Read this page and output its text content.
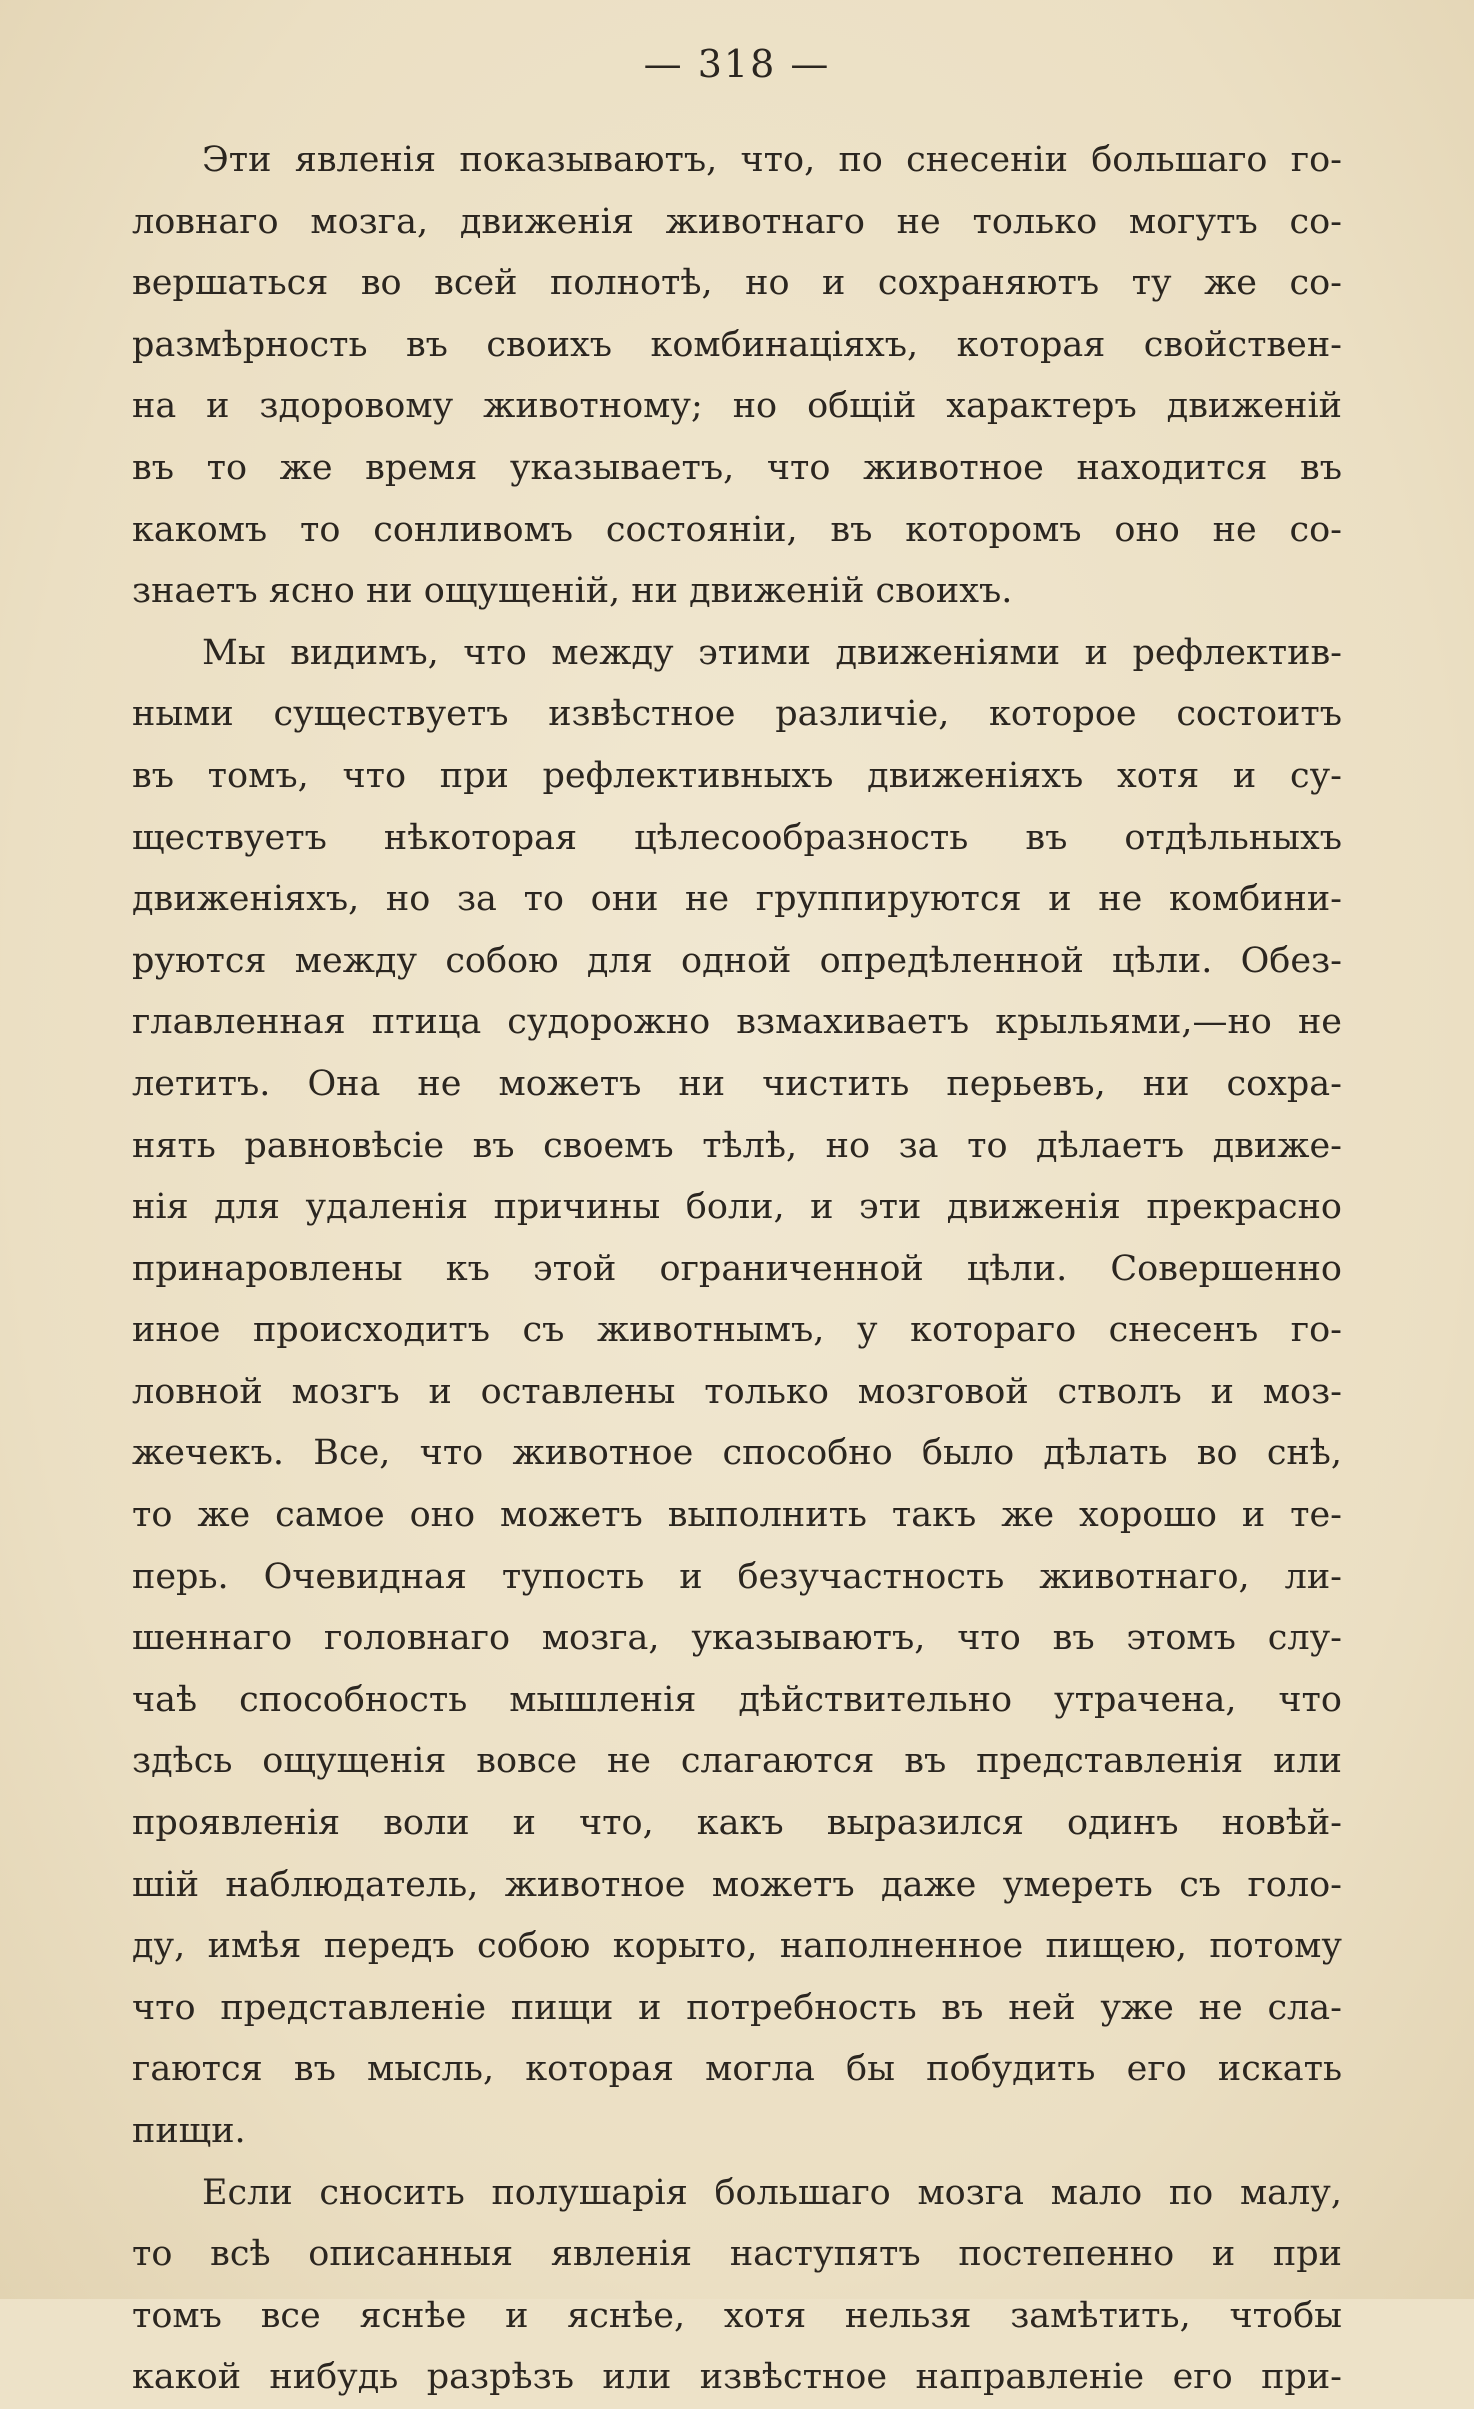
— 318 —
Эти явленія показываютъ, что, по снесеніи большаго го-
ловнаго мозга, движенія животнаго не только могутъ со-
вершаться во всей полнотѣ, но и сохраняютъ ту же со-
размѣрность въ своихъ комбинаціяхъ, которая свойствен-
на и здоровому животному; но общій характеръ движеній
въ то же время указываетъ, что животное находится въ
какомъ то сонливомъ состояніи, въ которомъ оно не со-
знаетъ ясно ни ощущеній, ни движеній своихъ.
Мы видимъ, что между этими движеніями и рефлектив-
ными существуетъ извѣстное различіе, которое состоитъ
въ томъ, что при рефлективныхъ движеніяхъ хотя и су-
ществуетъ нѣкоторая цѣлесообразность въ отдѣльныхъ
движеніяхъ, но за то они не группируются и не комбини-
руются между собою для одной опредѣленной цѣли. Обез-
главленная птица судорожно взмахиваетъ крыльями,—но не
летитъ. Она не можетъ ни чистить перьевъ, ни сохра-
нять равновѣсіе въ своемъ тѣлѣ, но за то дѣлаетъ движе-
нія для удаленія причины боли, и эти движенія прекрасно
принаровлены къ этой ограниченной цѣли. Совершенно
иное происходитъ съ животнымъ, у котораго снесенъ го-
ловной мозгъ и оставлены только мозговой стволъ и моз-
жечекъ. Все, что животное способно было дѣлать во снѣ,
то же самое оно можетъ выполнить такъ же хорошо и те-
перь. Очевидная тупость и безучастность животнаго, ли-
шеннаго головнаго мозга, указываютъ, что въ этомъ слу-
чаѣ способность мышленія дѣйствительно утрачена, что
здѣсь ощущенія вовсе не слагаются въ представленія или
проявленія воли и что, какъ выразился одинъ новѣй-
шій наблюдатель, животное можетъ даже умереть съ голо-
ду, имѣя передъ собою корыто, наполненное пищею, потому
что представленіе пищи и потребность въ ней уже не сла-
гаются въ мысль, которая могла бы побудить его искать
пищи.
Если сносить полушарія большаго мозга мало по малу,
то всѣ описанныя явленія наступятъ постепенно и при
томъ все яснѣе и яснѣе, хотя нельзя замѣтить, чтобы
какой нибудь разрѣзъ или извѣстное направленіе его при-
